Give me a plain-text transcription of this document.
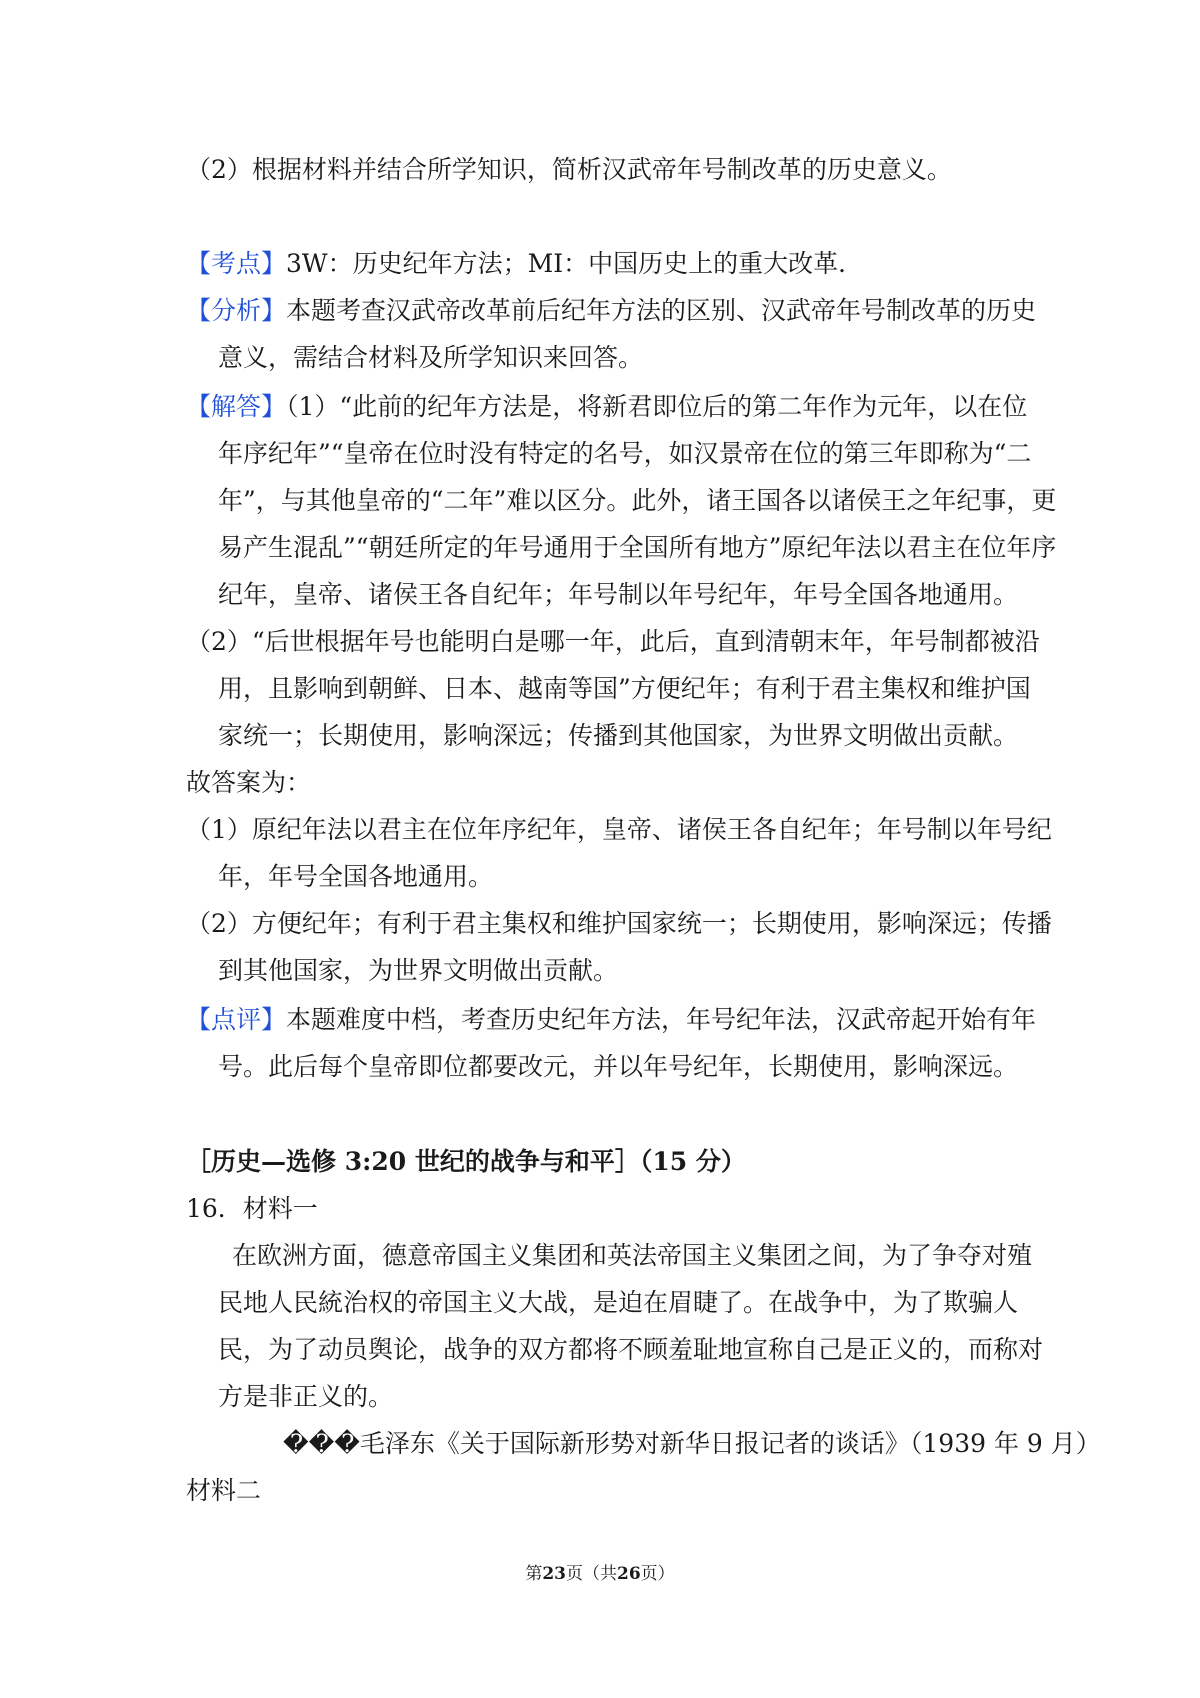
（2）根据材料并结合所学知识，简析汉武帝年号制改革的历史意义。
【考点】3W：历史纪年方法；MI：中国历史上的重大改革．
【分析】本题考查汉武帝改革前后纪年方法的区别、汉武帝年号制改革的历史
意义，需结合材料及所学知识来回答。
【解答】（1）“此前的纪年方法是，将新君即位后的第二年作为元年，以在位
年序纪年”“皇帝在位时没有特定的名号，如汉景帝在位的第三年即称为“二
年”，与其他皇帝的“二年”难以区分。此外，诸王国各以诸侯王之年纪事，更
易产生混乱”“朝廷所定的年号通用于全国所有地方”原纪年法以君主在位年序
纪年，皇帝、诸侯王各自纪年；年号制以年号纪年，年号全国各地通用。
（2）“后世根据年号也能明白是哪一年，此后，直到清朝末年，年号制都被沿
用，且影响到朝鲜、日本、越南等国”方便纪年；有利于君主集权和维护国
家统一；长期使用，影响深远；传播到其他国家，为世界文明做出贡献。
故答案为：
（1）原纪年法以君主在位年序纪年，皇帝、诸侯王各自纪年；年号制以年号纪
年，年号全国各地通用。
（2）方便纪年；有利于君主集权和维护国家统一；长期使用，影响深远；传播
到其他国家，为世界文明做出贡献。
【点评】本题难度中档，考查历史纪年方法，年号纪年法，汉武帝起开始有年
号。此后每个皇帝即位都要改元，并以年号纪年，长期使用，影响深远。
［历史—选修 3:20 世纪的战争与和平］（15 分）
16．材料一
在欧洲方面，德意帝国主义集团和英法帝国主义集团之间，为了争夺对殖
民地人民統治权的帝国主义大战，是迫在眉睫了。在战争中，为了欺骗人
民，为了动员舆论，战争的双方都将不顾羞耻地宣称自己是正义的，而称对
方是非正义的。
���毛泽东《关于国际新形势对新华日报记者的谈话》（1939 年 9 月）
材料二
第23页（共26页）
